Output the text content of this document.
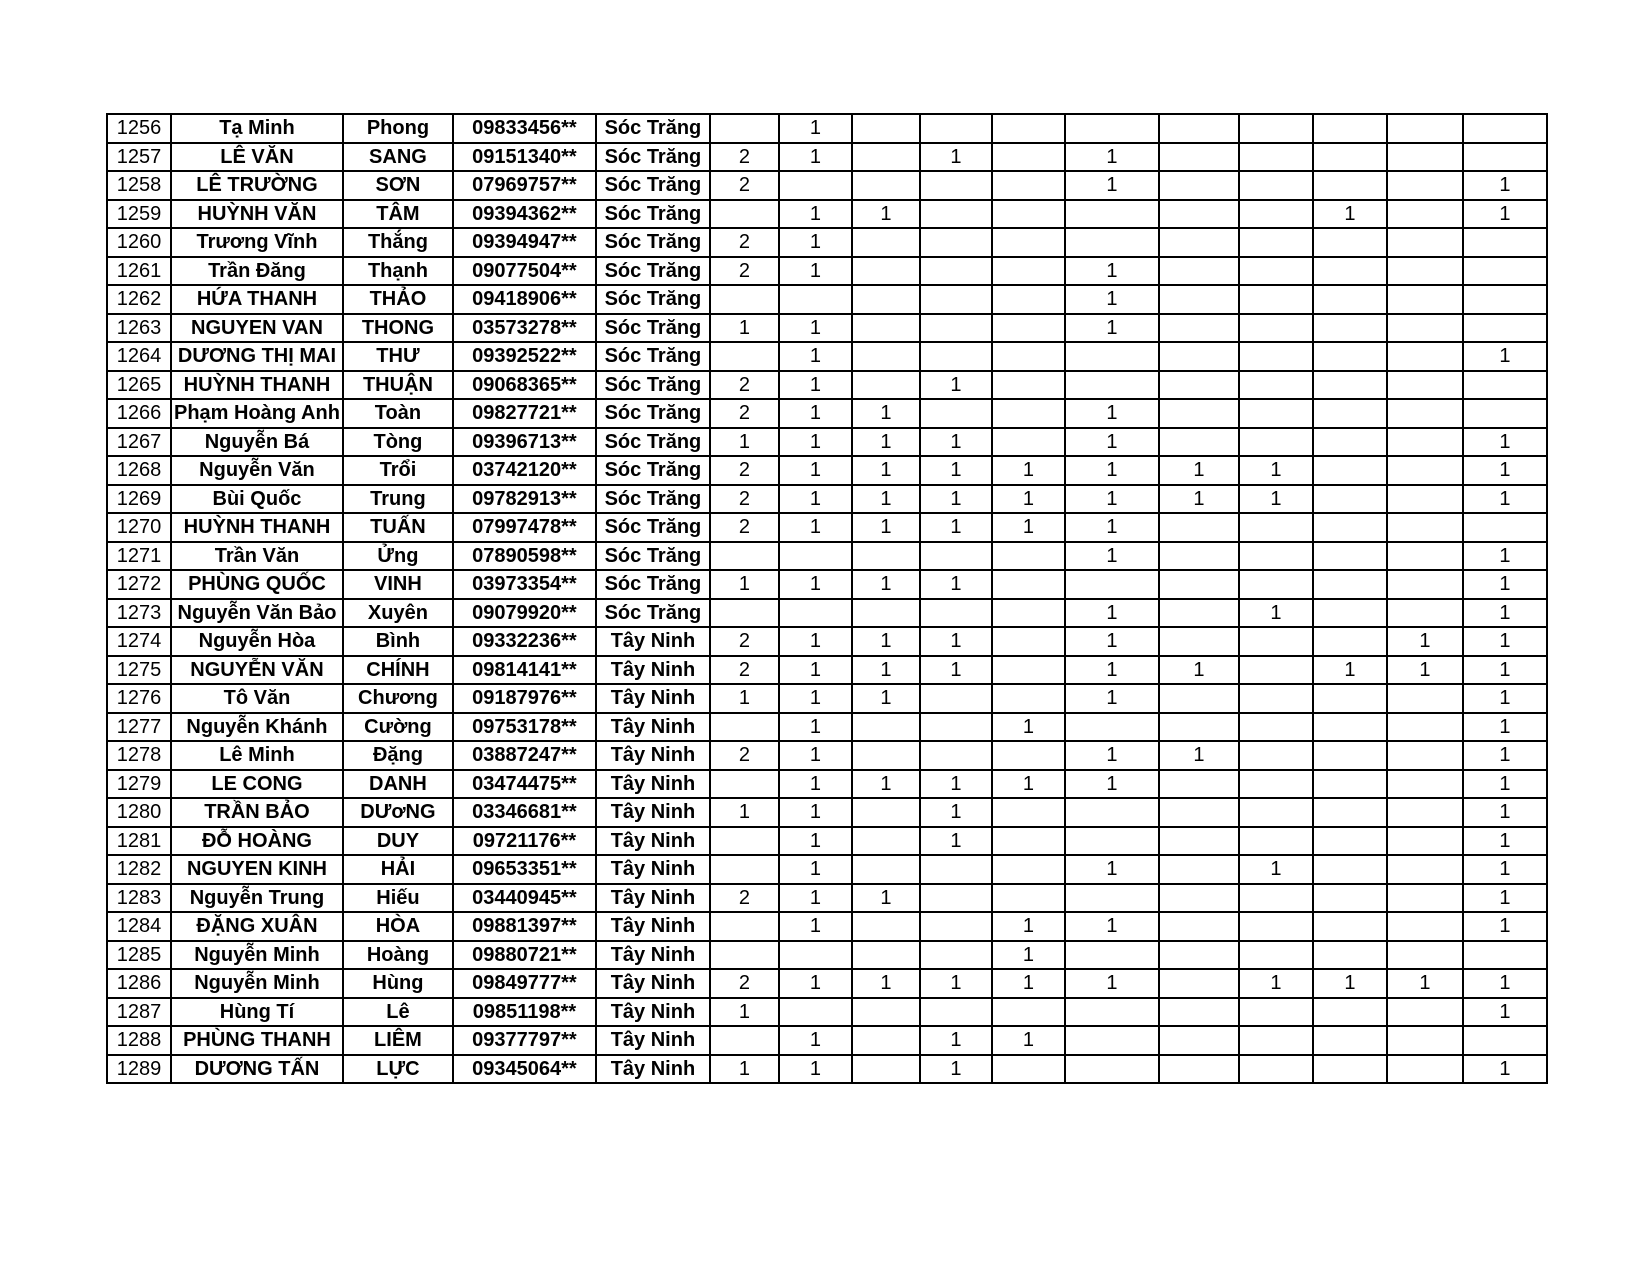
1256	Tạ Minh	Phong	09833456**	Sóc Trăng		1									
1257	LÊ VĂN	SANG	09151340**	Sóc Trăng	2	1		1		1					
1258	LÊ TRƯỜNG	SƠN	07969757**	Sóc Trăng	2					1					1
1259	HUỲNH VĂN	TÂM	09394362**	Sóc Trăng		1	1						1		1
1260	Trương Vĩnh	Thắng	09394947**	Sóc Trăng	2	1									
1261	Trần Đăng	Thạnh	09077504**	Sóc Trăng	2	1				1					
1262	HỨA THANH	THẢO	09418906**	Sóc Trăng						1					
1263	NGUYEN VAN	THONG	03573278**	Sóc Trăng	1	1				1					
1264	DƯƠNG THỊ MAI	THƯ	09392522**	Sóc Trăng		1									1
1265	HUỲNH THANH	THUẬN	09068365**	Sóc Trăng	2	1		1							
1266	Phạm Hoàng Anh	Toàn	09827721**	Sóc Trăng	2	1	1			1					
1267	Nguyễn Bá	Tòng	09396713**	Sóc Trăng	1	1	1	1		1					1
1268	Nguyễn Văn	Trổi	03742120**	Sóc Trăng	2	1	1	1	1	1	1	1			1
1269	Bùi Quốc	Trung	09782913**	Sóc Trăng	2	1	1	1	1	1	1	1			1
1270	HUỲNH THANH	TUẤN	07997478**	Sóc Trăng	2	1	1	1	1	1					
1271	Trần Văn	Ửng	07890598**	Sóc Trăng						1					1
1272	PHÙNG QUỐC	VINH	03973354**	Sóc Trăng	1	1	1	1							1
1273	Nguyễn Văn Bảo	Xuyên	09079920**	Sóc Trăng						1		1			1
1274	Nguyễn Hòa	Bình	09332236**	Tây Ninh	2	1	1	1		1				1	1
1275	NGUYỄN VĂN	CHÍNH	09814141**	Tây Ninh	2	1	1	1		1	1		1	1	1
1276	Tô Văn	Chương	09187976**	Tây Ninh	1	1	1			1					1
1277	Nguyễn Khánh	Cường	09753178**	Tây Ninh		1			1						1
1278	Lê Minh	Đặng	03887247**	Tây Ninh	2	1				1	1				1
1279	LE CONG	DANH	03474475**	Tây Ninh		1	1	1	1	1					1
1280	TRẦN BẢO	DƯơNG	03346681**	Tây Ninh	1	1		1							1
1281	ĐỖ HOÀNG	DUY	09721176**	Tây Ninh		1		1							1
1282	NGUYEN KINH	HẢI	09653351**	Tây Ninh		1				1		1			1
1283	Nguyễn Trung	Hiếu	03440945**	Tây Ninh	2	1	1								1
1284	ĐẶNG XUÂN	HÒA	09881397**	Tây Ninh		1			1	1					1
1285	Nguyễn Minh	Hoàng	09880721**	Tây Ninh					1						
1286	Nguyễn Minh	Hùng	09849777**	Tây Ninh	2	1	1	1	1	1		1	1	1	1
1287	Hùng Tí	Lê	09851198**	Tây Ninh	1										1
1288	PHÙNG THANH	LIÊM	09377797**	Tây Ninh		1		1	1						
1289	DƯƠNG TẤN	LỰC	09345064**	Tây Ninh	1	1		1							1
